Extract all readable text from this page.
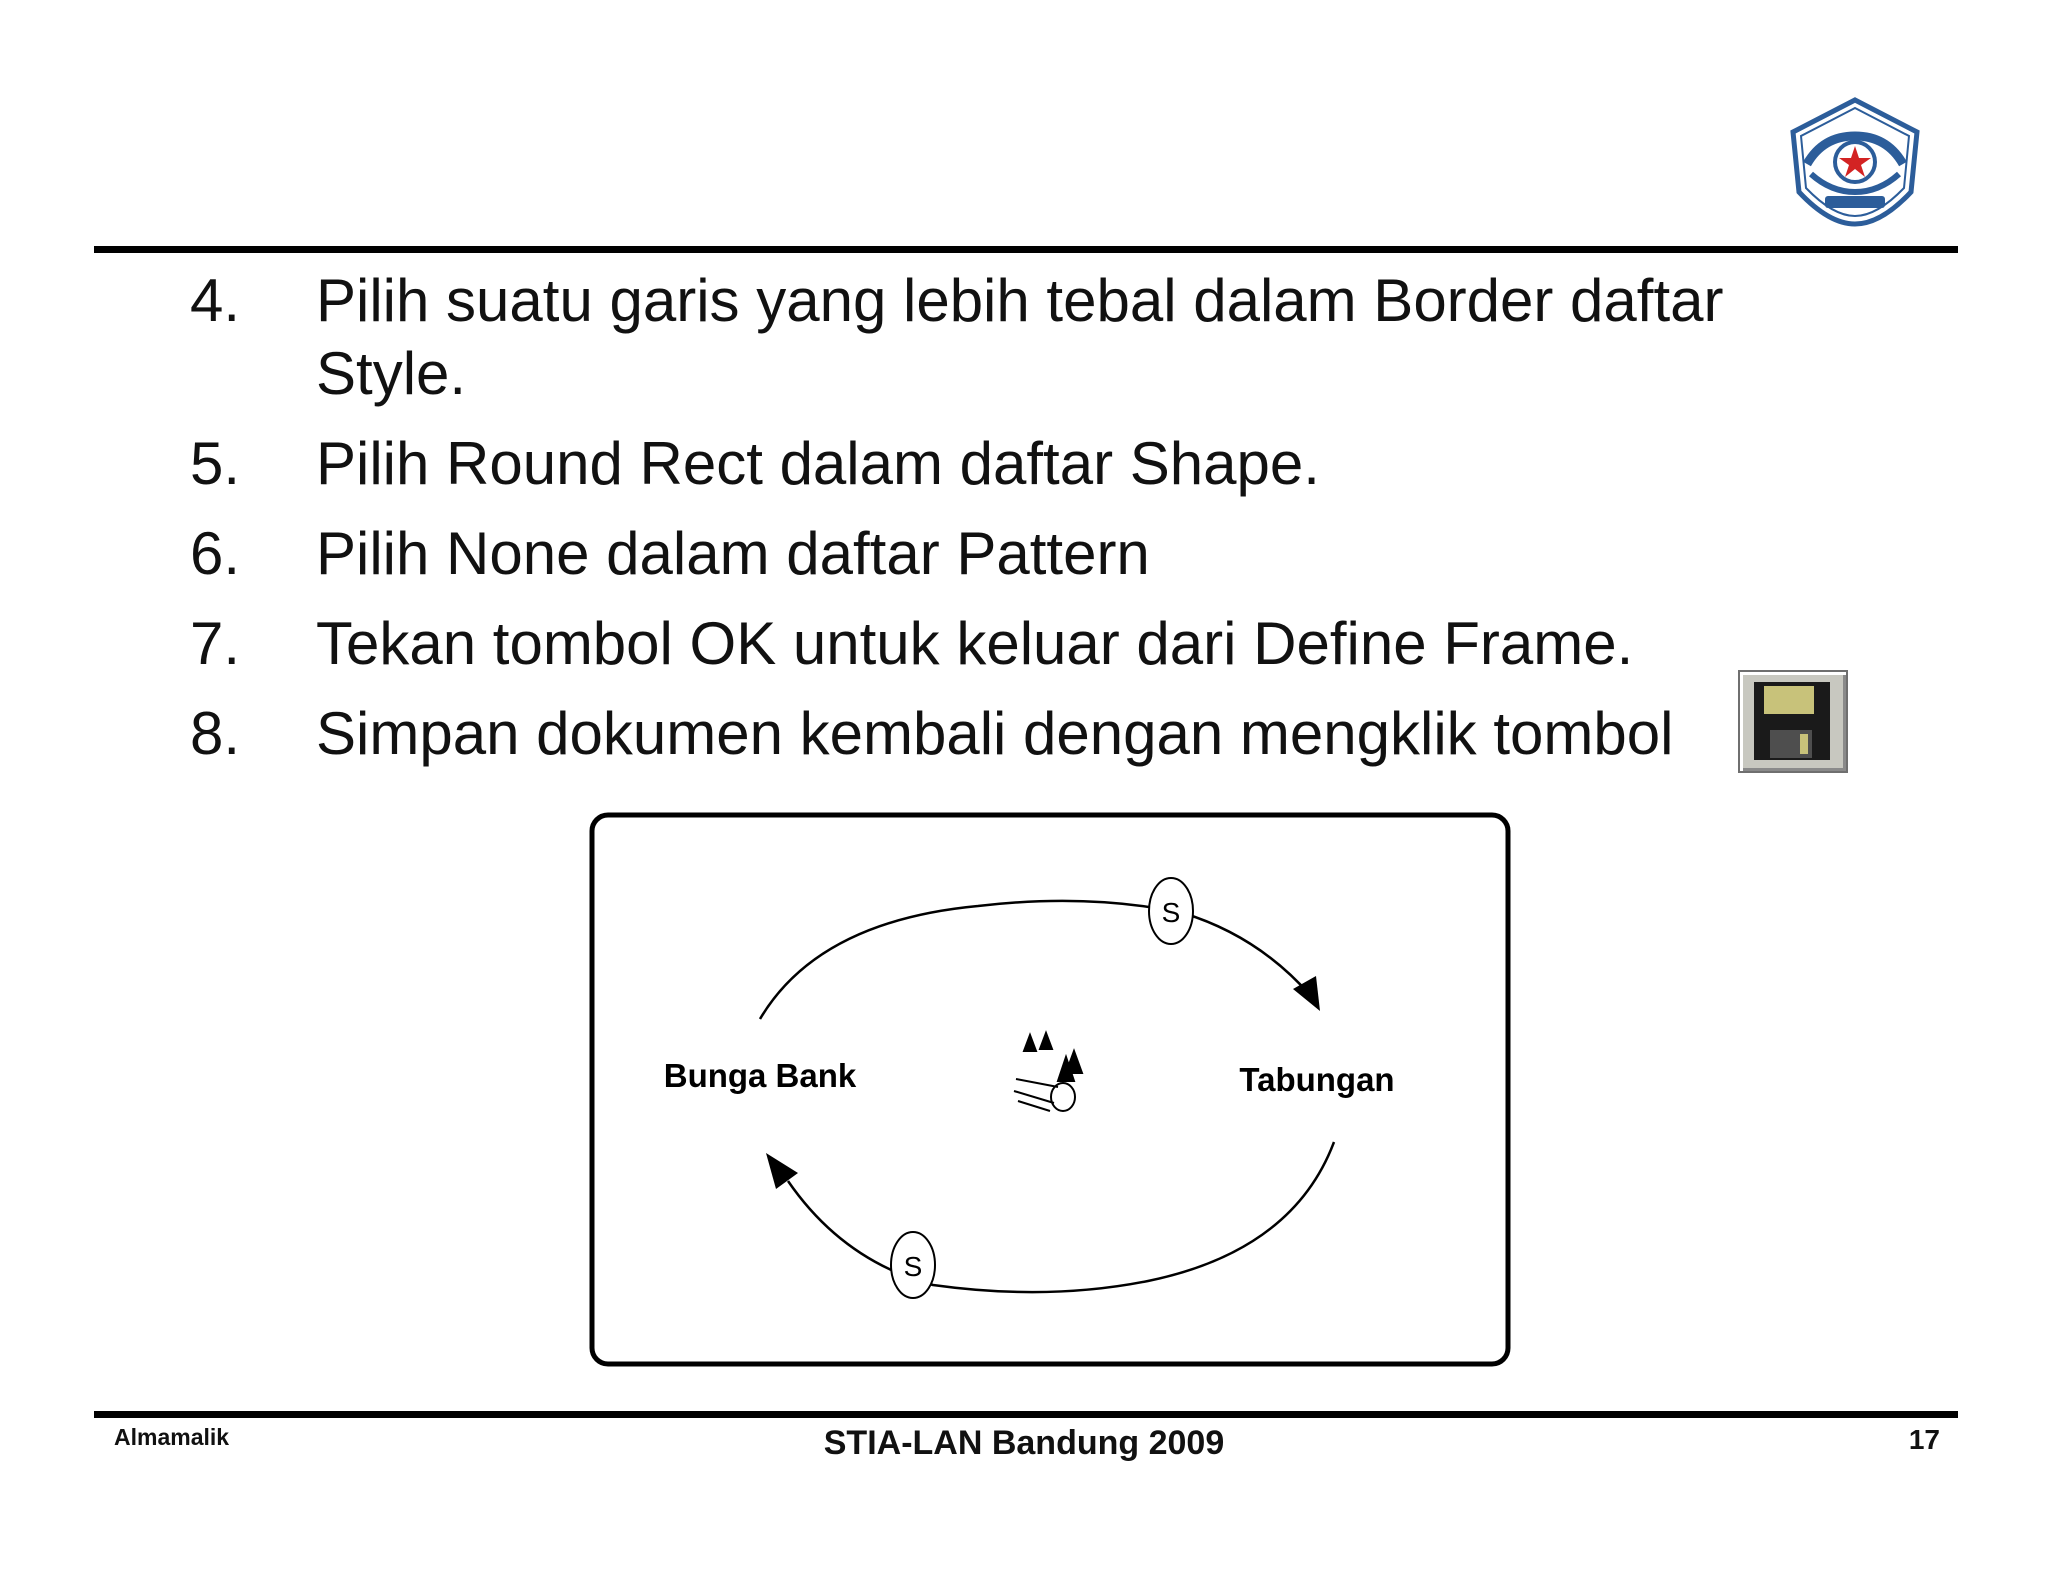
4.	Pilih suatu garis yang lebih tebal dalam Border daftar Style.
5.	Pilih Round Rect dalam daftar Shape.
6.	Pilih None dalam daftar Pattern
7.	Tekan tombol OK untuk keluar dari Define Frame.
8.	Simpan dokumen kembali dengan mengklik tombol
S
S
Bunga Bank	Tabungan
Almamalik	STIA-LAN Bandung 2009	17
